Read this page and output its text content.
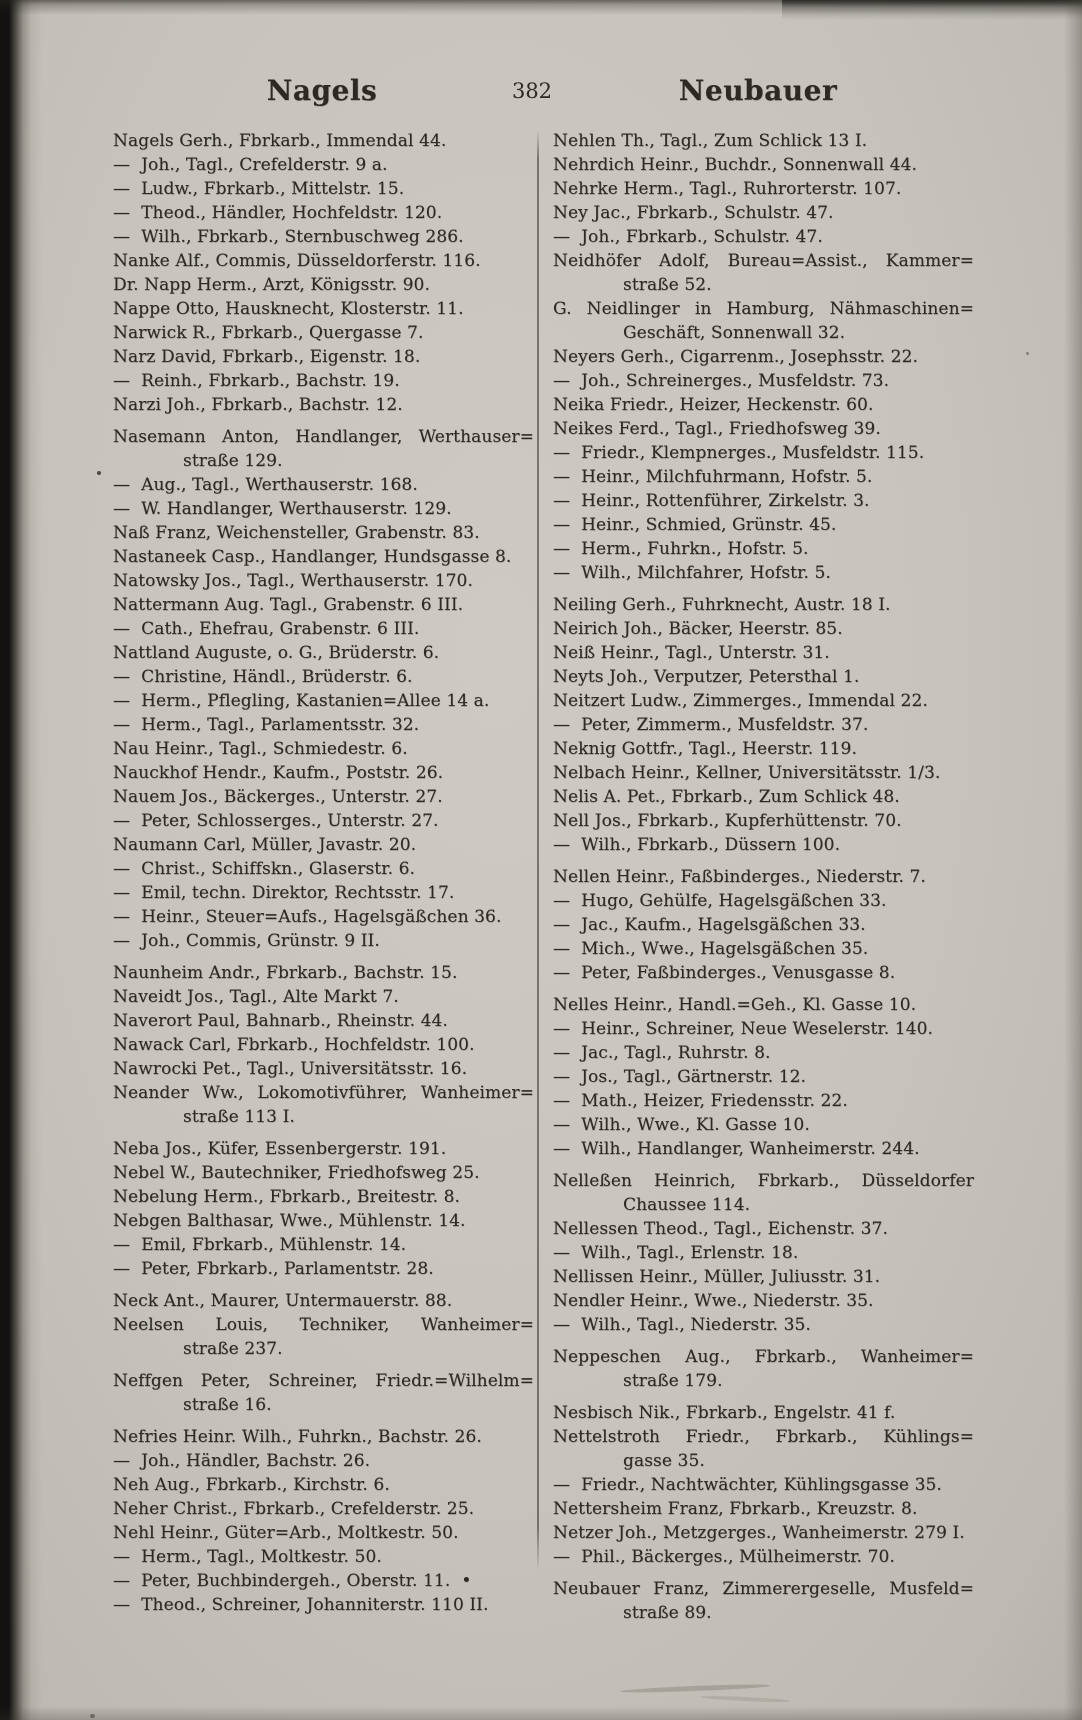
Nagels	382	Neubauer
Nagels Gerh., Fbrkarb., Immendal 44.
—  Joh., Tagl., Crefelderstr. 9 a.
—  Ludw., Fbrkarb., Mittelstr. 15.
—  Theod., Händler, Hochfeldstr. 120.
—  Wilh., Fbrkarb., Sternbuschweg 286.
Nanke Alf., Commis, Düsseldorferstr. 116.
Dr. Napp Herm., Arzt, Königsstr. 90.
Nappe Otto, Hausknecht, Klosterstr. 11.
Narwick R., Fbrkarb., Quergasse 7.
Narz David, Fbrkarb., Eigenstr. 18.
—  Reinh., Fbrkarb., Bachstr. 19.
Narzi Joh., Fbrkarb., Bachstr. 12.
Nasemann Anton, Handlanger, Werthauser=
straße 129.
—  Aug., Tagl., Werthauserstr. 168.
—  W. Handlanger, Werthauserstr. 129.
Naß Franz, Weichensteller, Grabenstr. 83.
Nastaneek Casp., Handlanger, Hundsgasse 8.
Natowsky Jos., Tagl., Werthauserstr. 170.
Nattermann Aug. Tagl., Grabenstr. 6 III.
—  Cath., Ehefrau, Grabenstr. 6 III.
Nattland Auguste, o. G., Brüderstr. 6.
—  Christine, Händl., Brüderstr. 6.
—  Herm., Pflegling, Kastanien=Allee 14 a.
—  Herm., Tagl., Parlamentsstr. 32.
Nau Heinr., Tagl., Schmiedestr. 6.
Nauckhof Hendr., Kaufm., Poststr. 26.
Nauem Jos., Bäckerges., Unterstr. 27.
—  Peter, Schlosserges., Unterstr. 27.
Naumann Carl, Müller, Javastr. 20.
—  Christ., Schiffskn., Glaserstr. 6.
—  Emil, techn. Direktor, Rechtsstr. 17.
—  Heinr., Steuer=Aufs., Hagelsgäßchen 36.
—  Joh., Commis, Grünstr. 9 II.
Naunheim Andr., Fbrkarb., Bachstr. 15.
Naveidt Jos., Tagl., Alte Markt 7.
Naverort Paul, Bahnarb., Rheinstr. 44.
Nawack Carl, Fbrkarb., Hochfeldstr. 100.
Nawrocki Pet., Tagl., Universitätsstr. 16.
Neander Ww., Lokomotivführer, Wanheimer=
straße 113 I.
Neba Jos., Küfer, Essenbergerstr. 191.
Nebel W., Bautechniker, Friedhofsweg 25.
Nebelung Herm., Fbrkarb., Breitestr. 8.
Nebgen Balthasar, Wwe., Mühlenstr. 14.
—  Emil, Fbrkarb., Mühlenstr. 14.
—  Peter, Fbrkarb., Parlamentstr. 28.
Neck Ant., Maurer, Untermauerstr. 88.
Neelsen Louis, Techniker, Wanheimer=
straße 237.
Neffgen Peter, Schreiner, Friedr.=Wilhelm=
straße 16.
Nefries Heinr. Wilh., Fuhrkn., Bachstr. 26.
—  Joh., Händler, Bachstr. 26.
Neh Aug., Fbrkarb., Kirchstr. 6.
Neher Christ., Fbrkarb., Crefelderstr. 25.
Nehl Heinr., Güter=Arb., Moltkestr. 50.
—  Herm., Tagl., Moltkestr. 50.
—  Peter, Buchbindergeh., Oberstr. 11.  •
—  Theod., Schreiner, Johanniterstr. 110 II.
Nehlen Th., Tagl., Zum Schlick 13 I.
Nehrdich Heinr., Buchdr., Sonnenwall 44.
Nehrke Herm., Tagl., Ruhrorterstr. 107.
Ney Jac., Fbrkarb., Schulstr. 47.
—  Joh., Fbrkarb., Schulstr. 47.
Neidhöfer Adolf, Bureau=Assist., Kammer=
straße 52.
G. Neidlinger in Hamburg, Nähmaschinen=
Geschäft, Sonnenwall 32.
Neyers Gerh., Cigarrenm., Josephsstr. 22.
—  Joh., Schreinerges., Musfeldstr. 73.
Neika Friedr., Heizer, Heckenstr. 60.
Neikes Ferd., Tagl., Friedhofsweg 39.
—  Friedr., Klempnerges., Musfeldstr. 115.
—  Heinr., Milchfuhrmann, Hofstr. 5.
—  Heinr., Rottenführer, Zirkelstr. 3.
—  Heinr., Schmied, Grünstr. 45.
—  Herm., Fuhrkn., Hofstr. 5.
—  Wilh., Milchfahrer, Hofstr. 5.
Neiling Gerh., Fuhrknecht, Austr. 18 I.
Neirich Joh., Bäcker, Heerstr. 85.
Neiß Heinr., Tagl., Unterstr. 31.
Neyts Joh., Verputzer, Petersthal 1.
Neitzert Ludw., Zimmerges., Immendal 22.
—  Peter, Zimmerm., Musfeldstr. 37.
Neknig Gottfr., Tagl., Heerstr. 119.
Nelbach Heinr., Kellner, Universitätsstr. 1/3.
Nelis A. Pet., Fbrkarb., Zum Schlick 48.
Nell Jos., Fbrkarb., Kupferhüttenstr. 70.
—  Wilh., Fbrkarb., Düssern 100.
Nellen Heinr., Faßbinderges., Niederstr. 7.
—  Hugo, Gehülfe, Hagelsgäßchen 33.
—  Jac., Kaufm., Hagelsgäßchen 33.
—  Mich., Wwe., Hagelsgäßchen 35.
—  Peter, Faßbinderges., Venusgasse 8.
Nelles Heinr., Handl.=Geh., Kl. Gasse 10.
—  Heinr., Schreiner, Neue Weselerstr. 140.
—  Jac., Tagl., Ruhrstr. 8.
—  Jos., Tagl., Gärtnerstr. 12.
—  Math., Heizer, Friedensstr. 22.
—  Wilh., Wwe., Kl. Gasse 10.
—  Wilh., Handlanger, Wanheimerstr. 244.
Nelleßen Heinrich, Fbrkarb., Düsseldorfer
Chaussee 114.
Nellessen Theod., Tagl., Eichenstr. 37.
—  Wilh., Tagl., Erlenstr. 18.
Nellissen Heinr., Müller, Juliusstr. 31.
Nendler Heinr., Wwe., Niederstr. 35.
—  Wilh., Tagl., Niederstr. 35.
Neppeschen Aug., Fbrkarb., Wanheimer=
straße 179.
Nesbisch Nik., Fbrkarb., Engelstr. 41 f.
Nettelstroth Friedr., Fbrkarb., Kühlings=
gasse 35.
—  Friedr., Nachtwächter, Kühlingsgasse 35.
Nettersheim Franz, Fbrkarb., Kreuzstr. 8.
Netzer Joh., Metzgerges., Wanheimerstr. 279 I.
—  Phil., Bäckerges., Mülheimerstr. 70.
Neubauer Franz, Zimmerergeselle, Musfeld=
straße 89.
